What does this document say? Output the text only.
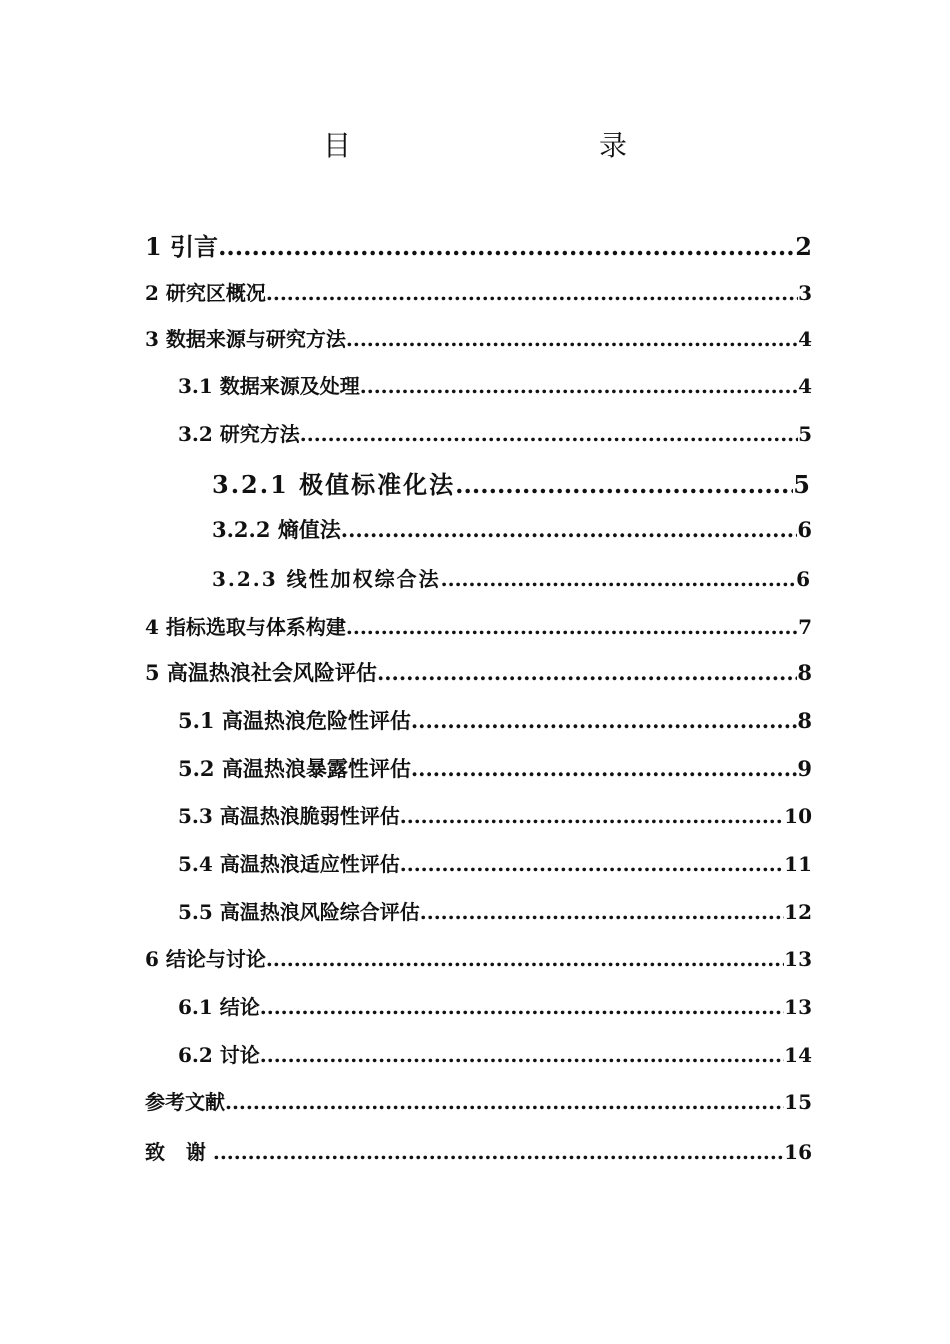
目　　录
1 引言 .....	2
2 研究区概况 .....	3
3 数据来源与研究方法 .....	4
3.1 数据来源及处理 .....	4
3.2 研究方法 .....	5
3.2.1 极值标准化法 .....	5
3.2.2 熵值法 .....	6
3.2.3 线性加权综合法 .....	6
4 指标选取与体系构建 .....	7
5 高温热浪社会风险评估 .....	8
5.1 高温热浪危险性评估 .....	8
5.2 高温热浪暴露性评估 .....	9
5.3 高温热浪脆弱性评估 .....	10
5.4 高温热浪适应性评估 .....	11
5.5 高温热浪风险综合评估 .....	12
6 结论与讨论 .....	13
6.1 结论 .....	13
6.2 讨论 .....	14
参考文献 .....	15
致   谢 .....	16
